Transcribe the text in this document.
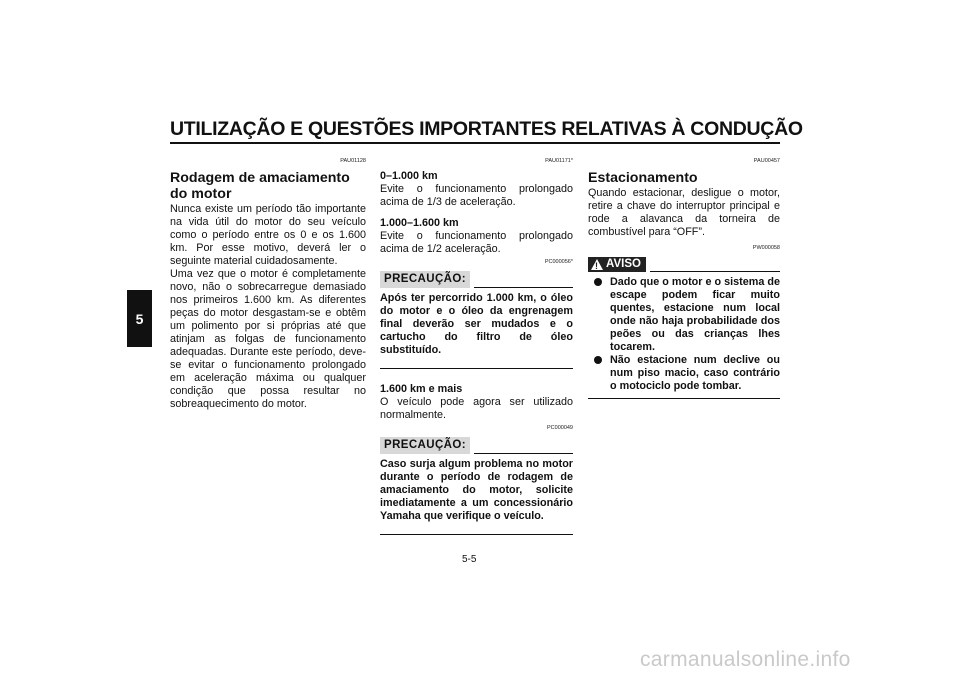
UTILIZAÇÃO E QUESTÕES IMPORTANTES RELATIVAS À CONDUÇÃO
5
PAU01128
Rodagem de amaciamento do motor

Nunca existe um período tão importante na vida útil do motor do seu veículo como o período entre os 0 e os 1.600 km. Por esse motivo, deverá ler o seguinte material cuidadosamente.

Uma vez que o motor é completamente novo, não o sobrecarregue demasiado nos primeiros 1.600 km. As diferentes peças do motor desgastam-se e obtêm um polimento por si próprias até que atinjam as folgas de funcionamento adequadas. Durante este período, deve-se evitar o funcionamento prolongado em aceleração máxima ou qualquer condição que possa resultar no sobreaquecimento do motor.

PAU01171*

0–1.000 km

Evite o funcionamento prolongado acima de 1/3 de aceleração.

1.000–1.600 km

Evite o funcionamento prolongado acima de 1/2 aceleração.

PC000056*
PRECAUÇÃO:

Após ter percorrido 1.000 km, o óleo do motor e o óleo da engrenagem final deverão ser mudados e o cartucho do filtro de óleo substituído.

1.600 km e mais

O veículo pode agora ser utilizado normalmente.

PC000049
PRECAUÇÃO:

Caso surja algum problema no motor durante o período de rodagem de amaciamento do motor, solicite imediatamente a um concessionário Yamaha que verifique o veículo.

PAU00457
Estacionamento

Quando estacionar, desligue o motor, retire a chave do interruptor principal e rode a alavanca da torneira de combustível para “OFF”.

PW000058
! AVISO
Dado que o motor e o sistema de escape podem ficar muito quentes, estacione num local onde não haja probabilidade dos peões ou das crianças lhes tocarem.
Não estacione num declive ou num piso macio, caso contrário o motociclo pode tombar.
5-5
carmanualsonline.info
